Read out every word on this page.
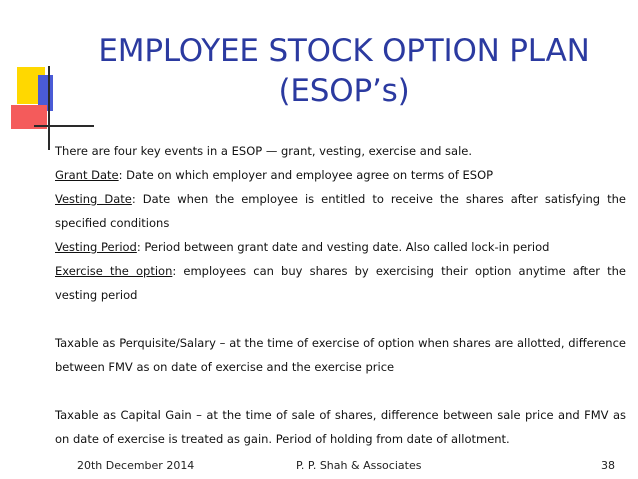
EMPLOYEE STOCK OPTION PLAN
(ESOP’s)

There are four key events in a ESOP — grant, vesting, exercise and sale.

Grant Date: Date on which employer and employee agree on terms of ESOP

Vesting Date: Date when the employee is entitled to receive the shares after satisfying the specified conditions

Vesting Period: Period between grant date and vesting date. Also called lock-in period

Exercise the option: employees can buy shares by exercising their option anytime after the vesting period

Taxable as Perquisite/Salary – at the time of exercise of option when shares are allotted, difference between FMV as on date of exercise and the exercise price

Taxable as Capital Gain – at the time of sale of shares, difference between sale price and FMV as on date of exercise is treated as gain. Period of holding from date of allotment.

20th December 2014	P. P. Shah & Associates	38
